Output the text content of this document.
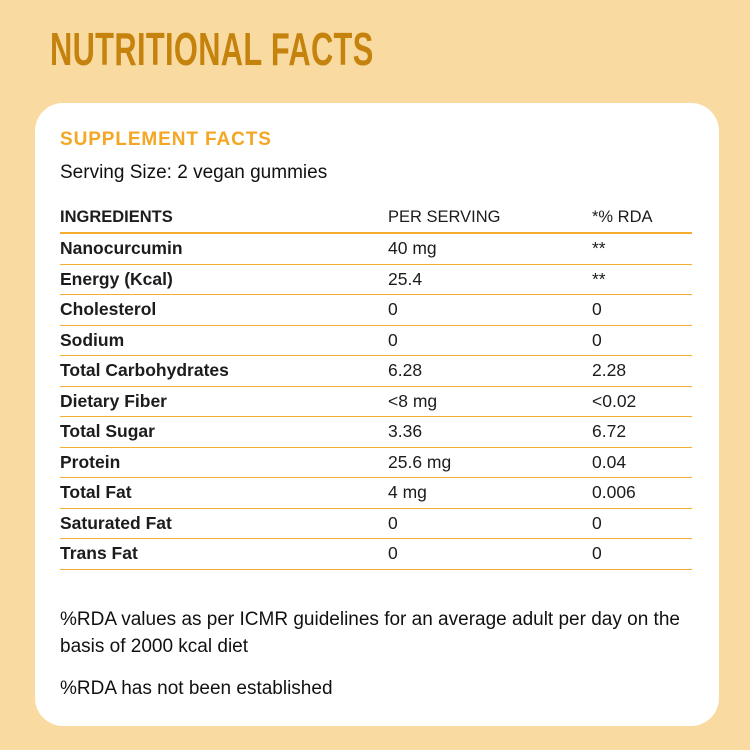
NUTRITIONAL FACTS
SUPPLEMENT FACTS
Serving Size: 2 vegan gummies
INGREDIENTS	PER SERVING	*% RDA
Nanocurcumin	40 mg	**
Energy (Kcal)	25.4	**
Cholesterol	0	0
Sodium	0	0
Total Carbohydrates	6.28	2.28
Dietary Fiber	<8 mg	<0.02
Total Sugar	3.36	6.72
Protein	25.6 mg	0.04
Total Fat	4 mg	0.006
Saturated Fat	0	0
Trans Fat	0	0

%RDA values as per ICMR guidelines for an average adult per day on the basis of 2000 kcal diet

%RDA has not been established
